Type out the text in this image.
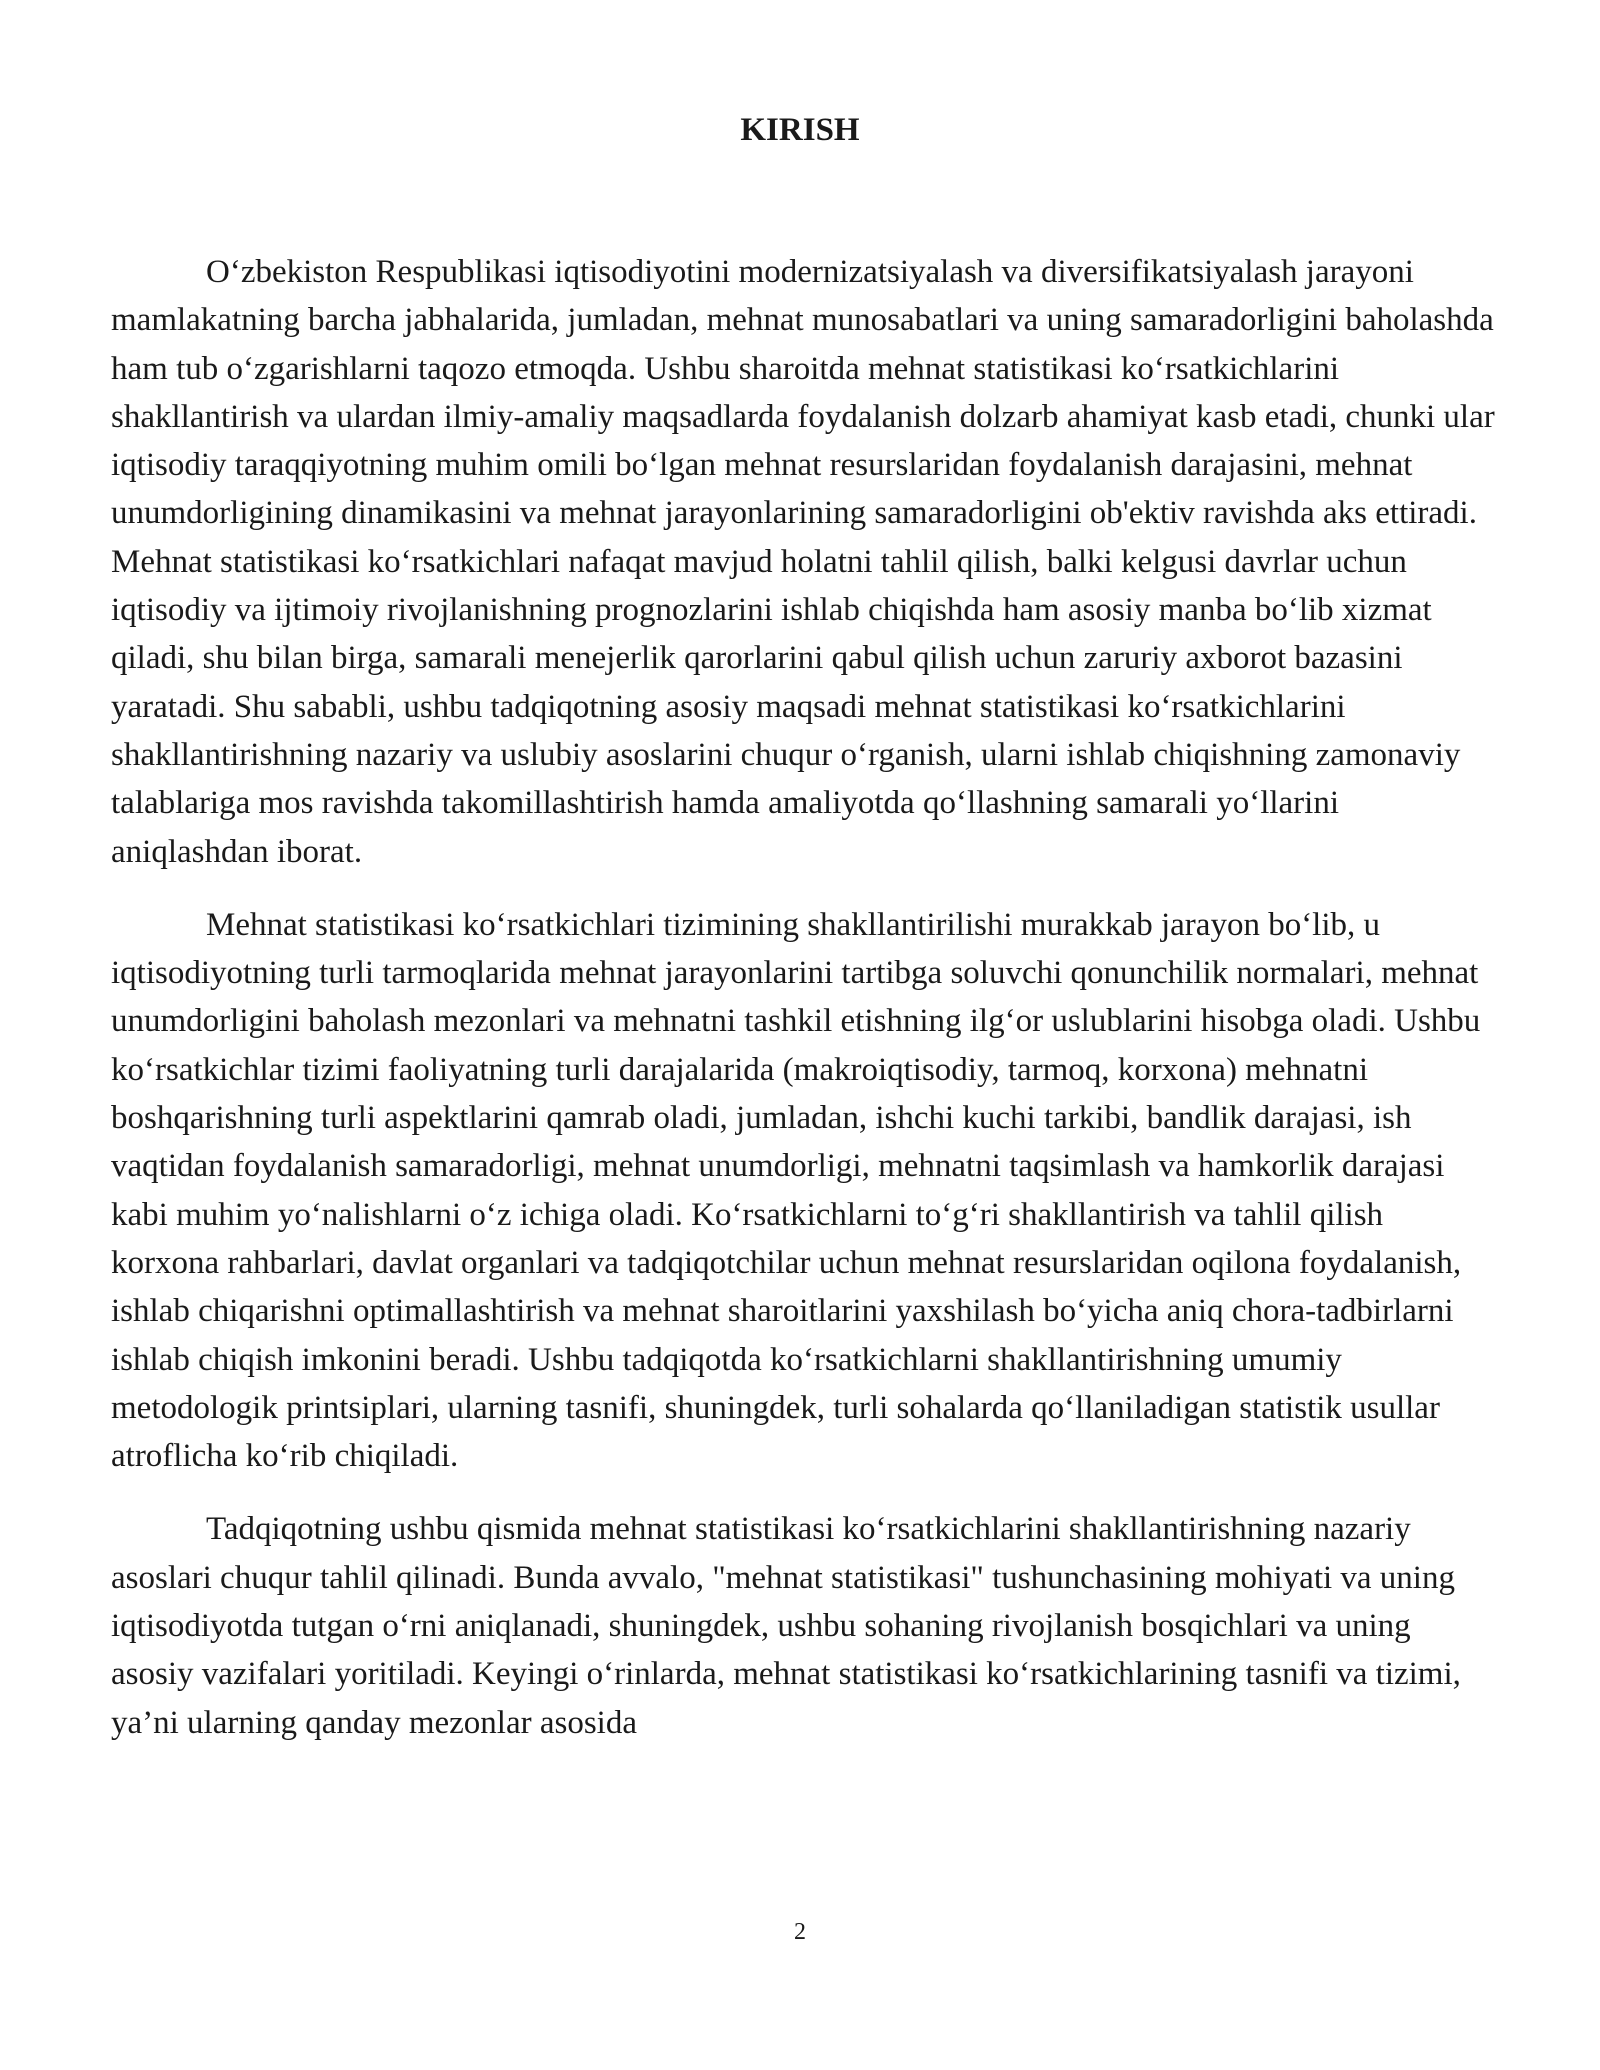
KIRISH

O‘zbekiston Respublikasi iqtisodiyotini modernizatsiyalash va diversifikatsiyalash jarayoni mamlakatning barcha jabhalarida, jumladan, mehnat munosabatlari va uning samaradorligini baholashda ham tub o‘zgarishlarni taqozo etmoqda. Ushbu sharoitda mehnat statistikasi ko‘rsatkichlarini shakllantirish va ulardan ilmiy-amaliy maqsadlarda foydalanish dolzarb ahamiyat kasb etadi, chunki ular iqtisodiy taraqqiyotning muhim omili bo‘lgan mehnat resurslaridan foydalanish darajasini, mehnat unumdorligining dinamikasini va mehnat jarayonlarining samaradorligini ob'ektiv ravishda aks ettiradi. Mehnat statistikasi ko‘rsatkichlari nafaqat mavjud holatni tahlil qilish, balki kelgusi davrlar uchun iqtisodiy va ijtimoiy rivojlanishning prognozlarini ishlab chiqishda ham asosiy manba bo‘lib xizmat qiladi, shu bilan birga, samarali menejerlik qarorlarini qabul qilish uchun zaruriy axborot bazasini yaratadi. Shu sababli, ushbu tadqiqotning asosiy maqsadi mehnat statistikasi ko‘rsatkichlarini shakllantirishning nazariy va uslubiy asoslarini chuqur o‘rganish, ularni ishlab chiqishning zamonaviy talablariga mos ravishda takomillashtirish hamda amaliyotda qo‘llashning samarali yo‘llarini aniqlashdan iborat.

Mehnat statistikasi ko‘rsatkichlari tizimining shakllantirilishi murakkab jarayon bo‘lib, u iqtisodiyotning turli tarmoqlarida mehnat jarayonlarini tartibga soluvchi qonunchilik normalari, mehnat unumdorligini baholash mezonlari va mehnatni tashkil etishning ilg‘or uslublarini hisobga oladi. Ushbu ko‘rsatkichlar tizimi faoliyatning turli darajalarida (makroiqtisodiy, tarmoq, korxona) mehnatni boshqarishning turli aspektlarini qamrab oladi, jumladan, ishchi kuchi tarkibi, bandlik darajasi, ish vaqtidan foydalanish samaradorligi, mehnat unumdorligi, mehnatni taqsimlash va hamkorlik darajasi kabi muhim yo‘nalishlarni o‘z ichiga oladi. Ko‘rsatkichlarni to‘g‘ri shakllantirish va tahlil qilish korxona rahbarlari, davlat organlari va tadqiqotchilar uchun mehnat resurslaridan oqilona foydalanish, ishlab chiqarishni optimallashtirish va mehnat sharoitlarini yaxshilash bo‘yicha aniq chora-tadbirlarni ishlab chiqish imkonini beradi. Ushbu tadqiqotda ko‘rsatkichlarni shakllantirishning umumiy metodologik printsiplari, ularning tasnifi, shuningdek, turli sohalarda qo‘llaniladigan statistik usullar atroflicha ko‘rib chiqiladi.

Tadqiqotning ushbu qismida mehnat statistikasi ko‘rsatkichlarini shakllantirishning nazariy asoslari chuqur tahlil qilinadi. Bunda avvalo, "mehnat statistikasi" tushunchasining mohiyati va uning iqtisodiyotda tutgan o‘rni aniqlanadi, shuningdek, ushbu sohaning rivojlanish bosqichlari va uning asosiy vazifalari yoritiladi. Keyingi o‘rinlarda, mehnat statistikasi ko‘rsatkichlarining tasnifi va tizimi, ya’ni ularning qanday mezonlar asosida

2
